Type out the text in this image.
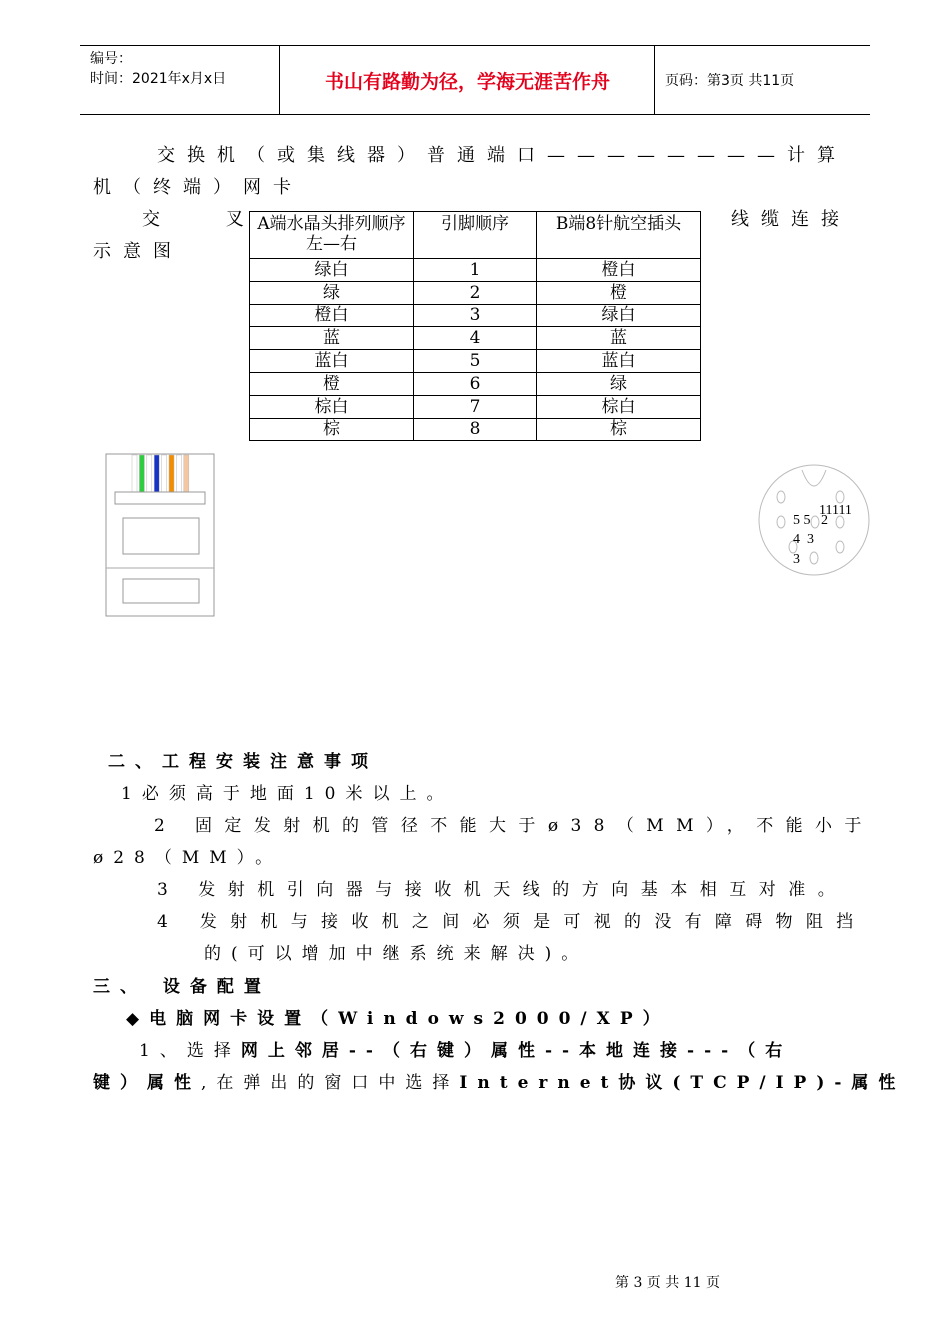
编号：
时间：2021年x月x日	书山有路勤为径，学海无涯苦作舟	页码：第3页 共11页
交换机（或集线器）普通端口————————计算
机（终端）网卡
交 叉	线缆连接
示意图
A端水晶头排列顺序左—右	引脚顺序	B端8针航空插头
绿白	1	橙白
绿	2	橙
橙白	3	绿白
蓝	4	蓝
蓝白	5	蓝白
橙	6	绿
棕白	7	棕白
棕	8	棕
11111
5 5   2
4  3
3
二、工程安装注意事项
1必须高于地面10米以上。
2 固定发射机的管径不能大于ø38（MM），不能小于
ø28（MM）。
3 发射机引向器与接收机天线的方向基本相互对准。
4 发射机与接收机之间必须是可视的没有障碍物阻挡
的(可以增加中继系统来解决)。
三、 设备配置
◆电脑网卡设置（Windows2000/XP）
1、选择网上邻居--（右键）属性--本地连接---（右
键）属性,在弹出的窗口中选择Internet协议(TCP/IP)-属性
第 3 页 共 11 页
